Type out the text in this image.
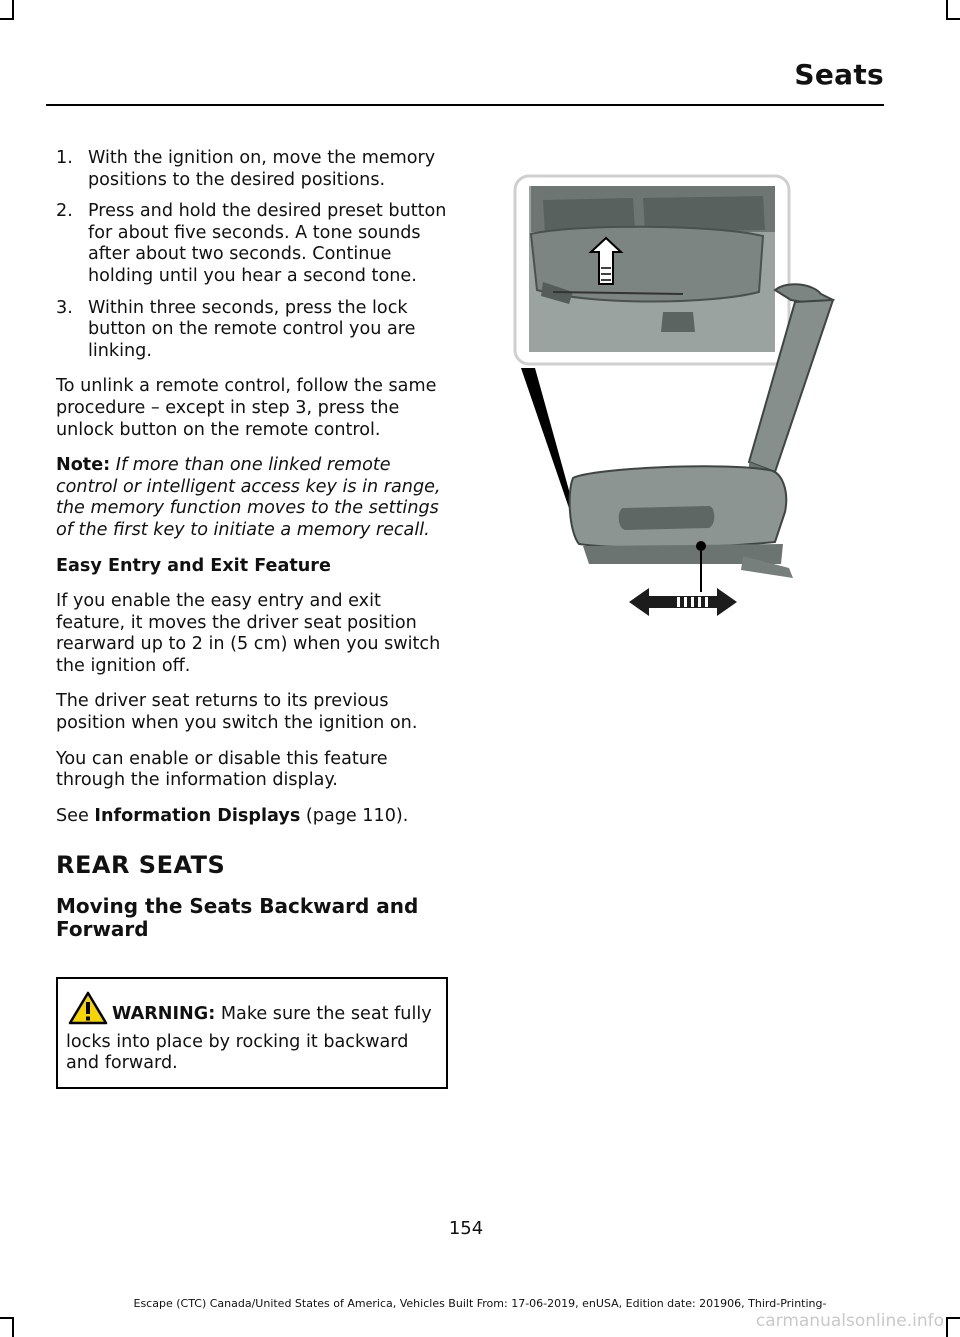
Seats
1. With the ignition on, move the memory positions to the desired positions.
2. Press and hold the desired preset button for about five seconds. A tone sounds after about two seconds. Continue holding until you hear a second tone.
3. Within three seconds, press the lock button on the remote control you are linking.

To unlink a remote control, follow the same procedure – except in step 3, press the unlock button on the remote control.

Note: If more than one linked remote control or intelligent access key is in range, the memory function moves to the settings of the first key to initiate a memory recall.

Easy Entry and Exit Feature

If you enable the easy entry and exit feature, it moves the driver seat position rearward up to 2 in (5 cm) when you switch the ignition off.

The driver seat returns to its previous position when you switch the ignition on.

You can enable or disable this feature through the information display.

See Information Displays (page 110).

REAR SEATS
Moving the Seats Backward and Forward
WARNING: Make sure the seat fully locks into place by rocking it backward and forward.
154
Escape (CTC) Canada/United States of America, Vehicles Built From: 17-06-2019, enUSA, Edition date: 201906, Third-Printing-
carmanualsonline.info
